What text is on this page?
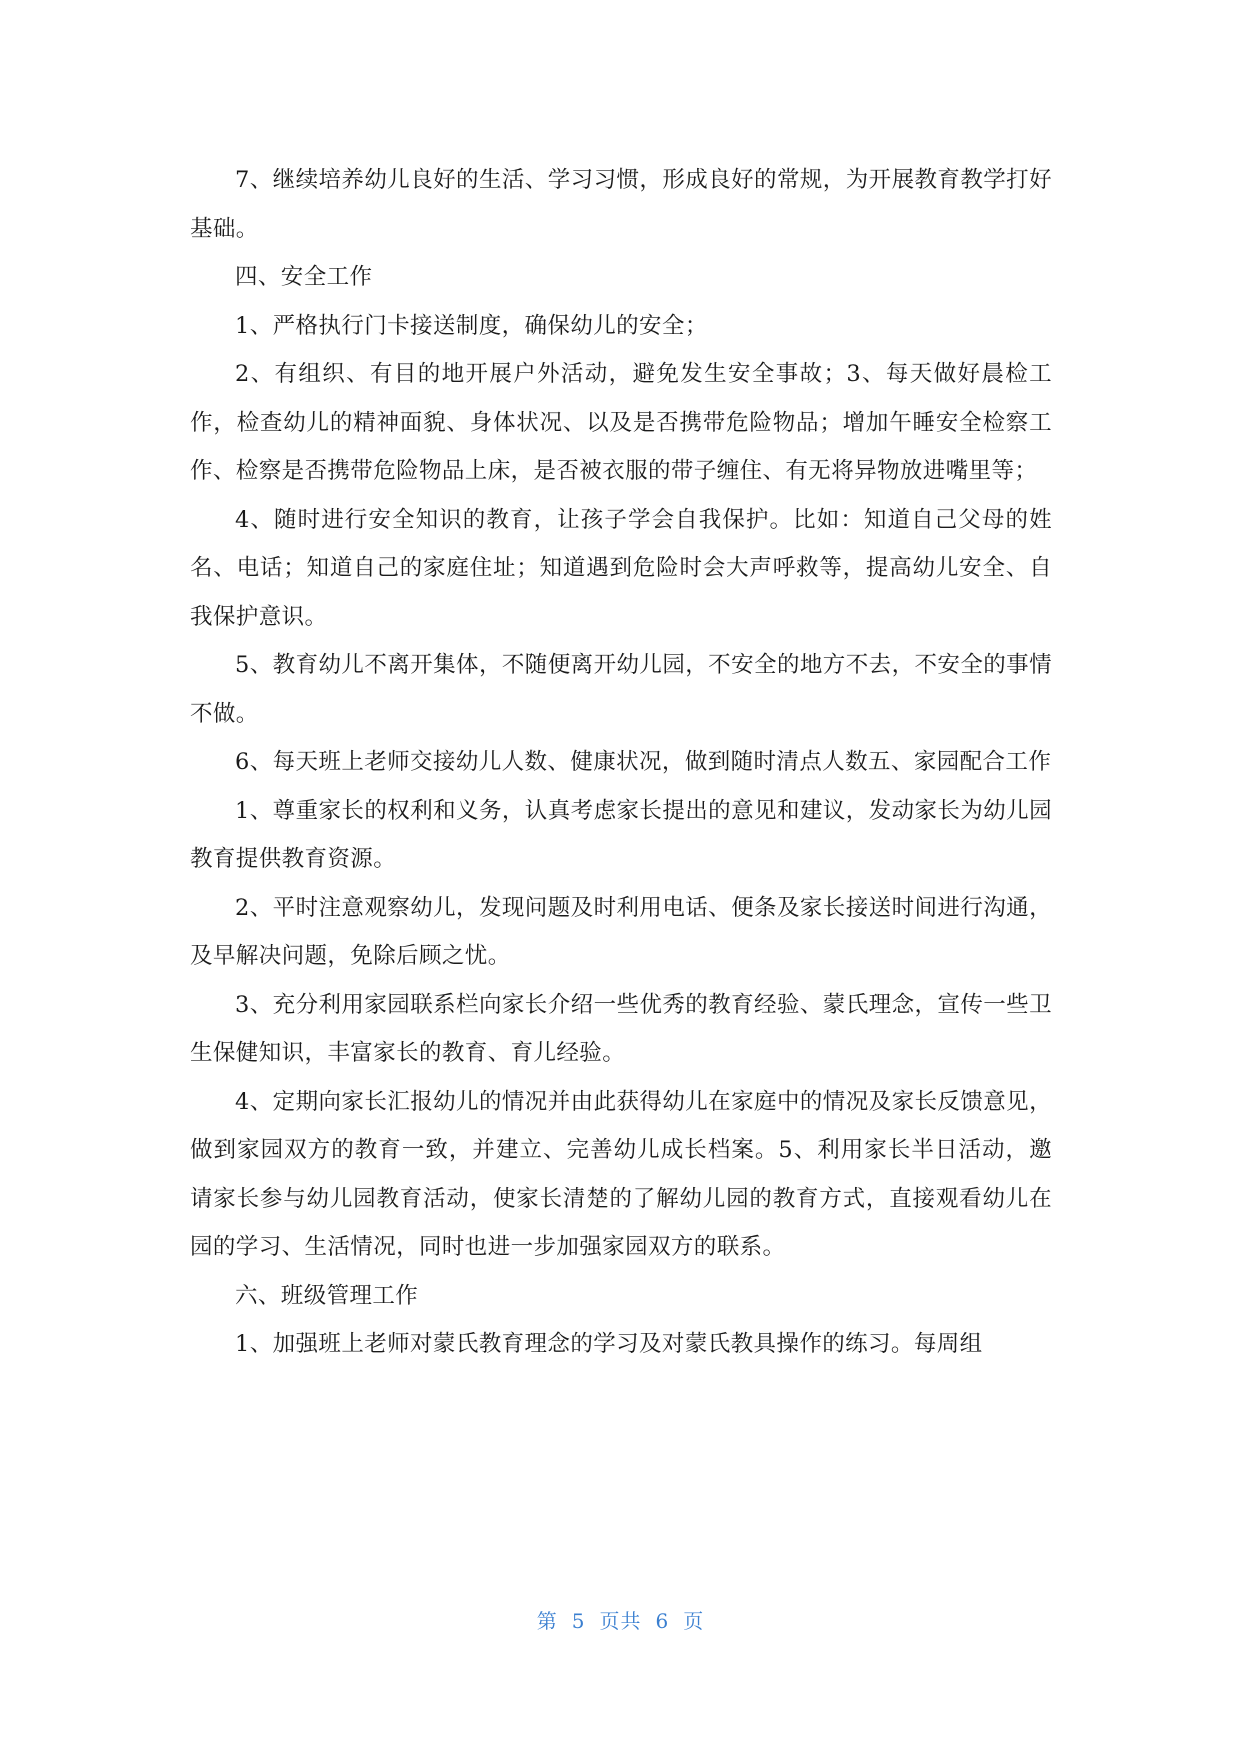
7、继续培养幼儿良好的生活、学习习惯，形成良好的常规，为开展教育教学打好基础。

四、安全工作

1、严格执行门卡接送制度，确保幼儿的安全；

2、有组织、有目的地开展户外活动，避免发生安全事故；3、每天做好晨检工作，检查幼儿的精神面貌、身体状况、以及是否携带危险物品；增加午睡安全检察工作、检察是否携带危险物品上床，是否被衣服的带子缠住、有无将异物放进嘴里等；

4、随时进行安全知识的教育，让孩子学会自我保护。比如：知道自己父母的姓名、电话；知道自己的家庭住址；知道遇到危险时会大声呼救等，提高幼儿安全、自我保护意识。

5、教育幼儿不离开集体，不随便离开幼儿园，不安全的地方不去，不安全的事情不做。

6、每天班上老师交接幼儿人数、健康状况，做到随时清点人数五、家园配合工作

1、尊重家长的权利和义务，认真考虑家长提出的意见和建议，发动家长为幼儿园教育提供教育资源。

2、平时注意观察幼儿，发现问题及时利用电话、便条及家长接送时间进行沟通，及早解决问题，免除后顾之忧。

3、充分利用家园联系栏向家长介绍一些优秀的教育经验、蒙氏理念，宣传一些卫生保健知识，丰富家长的教育、育儿经验。

4、定期向家长汇报幼儿的情况并由此获得幼儿在家庭中的情况及家长反馈意见，做到家园双方的教育一致，并建立、完善幼儿成长档案。5、利用家长半日活动，邀请家长参与幼儿园教育活动，使家长清楚的了解幼儿园的教育方式，直接观看幼儿在园的学习、生活情况，同时也进一步加强家园双方的联系。

六、班级管理工作

1、加强班上老师对蒙氏教育理念的学习及对蒙氏教具操作的练习。每周组

第 5 页共 6 页
